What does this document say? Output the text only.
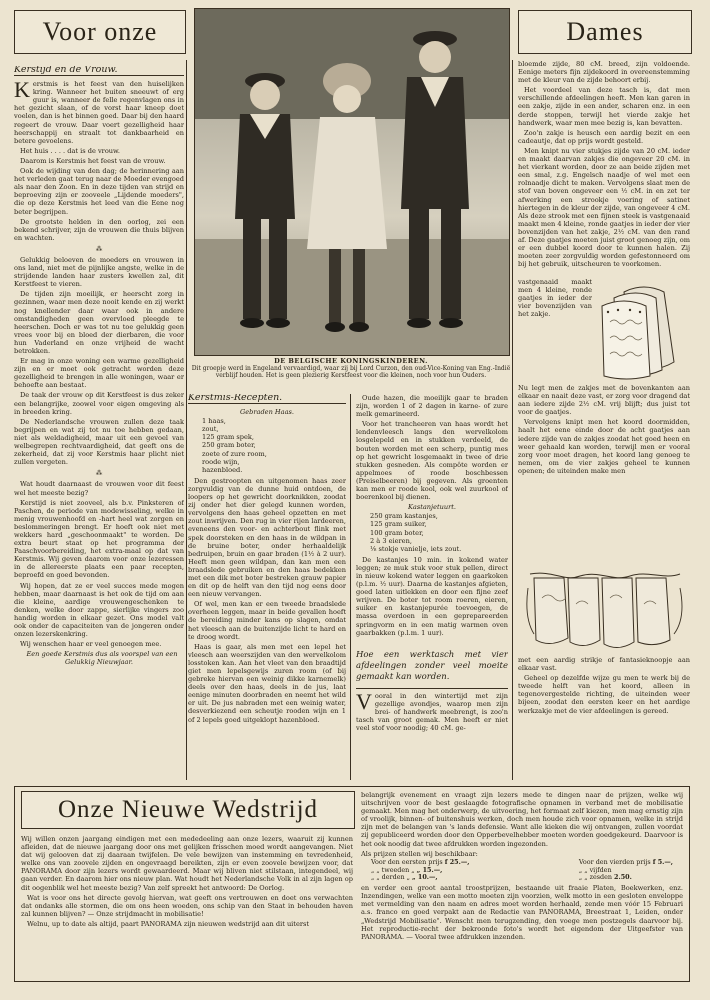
Voor onze	Dames
DE BELGISCHE KONINGSKINDEREN.
Dit groepje werd in Engeland vervaardigd, waar zij bij Lord Curzon, den oud-Vice-Koning van Eng.-Indië verblijf houden. Het is geen plezierig Kerstfeest voor die kleinen, noch voor hun Ouders.
Kerstijd en de Vrouw.

Kerstmis is het feest van den huiselijken kring. Wanneer het buiten sneeuwt of erg guur is, wanneer de felle regenvlagen ons in het gezicht slaan, of de vorst haar kneep doet voelen, dan is het binnen goed. Daar bij den haard regeert de vrouw. Daar voert gezelligheid haar heerschappij en straalt tot dankbaarheid en betere gevoelens.

Het huis . . . . dat is de vrouw.

Daarom is Kerstmis het feest van de vrouw.

Ook de wijding van den dag; de herinnering aan het verleden gaat terug naar de Moeder evengoed als naar den Zoon. En in deze tijden van strijd en beproeving zijn er zooveele „Lijdende moeders", die op deze Kerstmis het leed van die Eene nog beter begrijpen.

De grootste helden in den oorlog, zei een bekend schrijver, zijn de vrouwen die thuis blijven en wachten.

⁂

Gelukkig beloeven de moeders en vrouwen in ons land, niet met de pijnlijke angste, welke in de strijdende landen haar zusters kwellen zal, dit Kerstfeest te vieren.

De tijden zijn moeilijk, er heerscht zorg in gezinnen, waar men deze nooit kende en zij werkt nog knellender daar waar ook in andere omstandigheden geen overvloed pleegde te heerschen. Doch er was tot nu toe gelukkig geen vrees voor bij en bloed der dierbaren, die voor hun Vaderland en onze vrijheid de wacht betrokken.

Er mag in onze woning een warme gezelligheid zijn en er moet ook getracht worden deze gezelligheid te brengen in alle woningen, waar er behoefte aan bestaat.

De taak der vrouw op dit Kerstfeest is dus zeker een belangrijke, zoowel voor eigen omgeving als in breeden kring.

De Nederlandsche vrouwen zullen deze taak begrijpen en wat zij tot nu toe hebben gedaan, niet als weldadigheid, maar uit een gevoel van welbegrepen rechtvaardigheid, dat geeft ons de zekerheid, dat zij voor Kerstmis haar plicht niet zullen vergeten.

⁂

Wat houdt daarnaast de vrouwen voor dit feest wel het meeste bezig?

Kerstijd is niet zooveel, als b.v. Pinksteren of Paschen, de periode van modewisseling, welke in menig vrouwenhoofd en -hart heel wat zorgen en beslommeringen brengt. Er hoeft ook niet met wekkers hard „geschoonmaakt" te worden. De extra beurt staat op het programma der Paaschvoorbereiding, het extra-maal op dat van Kerstmis. Wij geven daarom voor onze lezeressen in de allereerste plaats een paar recepten, beproefd en goed bevonden.

Wij hopen, dat ze er veel succes mede mogen hebben, maar daarnaast is het ook de tijd om aan die kleine, aardige vrouwengeschenken te denken, welke door zappe, sierlijke vingers zoo handig worden in elkaar gezet. Ons model valt ook onder de capaciteiten van de jongeren onder onzen lezerskenkring.

Wij wenschen haar er veel genoegen mee.

Een goede Kerstmis dus als voorspel van een Gelukkig Nieuwjaar.

Kerstmis-Recepten.
Gebraden Haas.
1 haas,
zout,
125 gram spek,
250 gram boter,
zoete of zure room,
roode wijn,
hazenbloed.

Den gestroopten en uitgenomen haas zeer zorgvuldig van de dunne huid ontdoen, de loopers op het gewricht doorknikken, zoodat zij onder het dier gelegd kunnen worden, vervolgens den haas geheel opzetten en met zout inwrijven. Den rug in vier rijen lardeeren, eveneens den voor- en achterbout flink met spek doorsteken en den haas in de wildpan in de bruine boter, onder herhaaldelijk bedruipen, bruin en gaar braden (1½ à 2 uur). Heeft men geen wildpan, dan kan men een braadslede gebruiken en den haas bedekken met een dik met boter bestreken grauw papier en dit op de helft van den tijd nog eens door een nieuw vervangen.

Of wel, men kan er een tweede braadslede overheen leggen, maar in beide gevallen hoeft de bereiding minder kans op slagen, omdat het vleesch aan de buitenzijde licht te hard en te droog wordt.

Haas is gaar, als men met een lepel het vleesch aan weerszijden van den wervelkolom losstoken kan. Aan het vleet van den braadtijd giet men lepelsgewijs zuren room (of bij gebreke hiervan een weinig dikke karnemelk) deels over den haas, deels in de jus, laat eenige minuten doorbraden en neemt het wild er uit. De jus nabraden met een weinig water, desverkiezend een scheutje rooden wijn en 1 of 2 lepels goed uitgeklopt hazenbloed.

Oude hazen, die moeilijk gaar te braden zijn, worden 1 of 2 dagen in karne- of zure melk gemarineerd.

Voor het trancheeren van haas wordt het lendenvleesch langs den wervelkolom losgelepeld en in stukken verdeeld, de bouten worden met een scherp, puntig mes op het gewricht losgemaakt in twee of drie stukken gesneden. Als compôte worden er appelmoes of roode boschbessen (Preiselbeeren) bij gegeven. Als groenten kan men er roode kool, ook wel zuurkool of boerenkool bij dienen.

Kastanjetuurt.
250 gram kastanjes,
125 gram suiker,
100 gram boter,
2 à 3 eieren,
⅛ stokje vanielje, iets zout.

De kastanjes 10 min. in kokend water leggen; ze muk stuk voor stuk pellen, direct in nieuw kokend water leggen en gaarkoken (p.l.m. ½ uur). Daarna de kastanjes afgieten, goed laten uitlekken en door een fijne zeef wrijven. De boter tot room roeren, eieren, suiker en kastanjepurée toevoegen, de massa overdoen in een geprepareerden springvorm en in een matig warmen oven gaarbakken (p.l.m. 1 uur).

Hoe een werktasch met vier afdeelingen zonder veel moeite gemaakt kan worden.

Vooral in den wintertijd met zijn gezellige avondjes, waarop men zijn brei- of handwerk meebrengt, is zoo'n tasch van groot gemak. Men heeft er niet veel stof voor noodig; 40 cM. ge-

bloemde zijde, 80 cM. breed, zijn voldoende. Eenige meters fijn zijdekoord in overeenstemming met de kleur van de zijde behoort erbij.

Het voordeel van deze tasch is, dat men verschillende afdeelingen heeft. Men kan garen in een zakje, zijde in een ander, scharen enz. in een derde stoppen, terwijl het vierde zakje het handwerk, waar men mee bezig is, kan bevatten.

Zoo'n zakje is heusch een aardig bezit en een cadeautje, dat op prijs wordt gesteld.

Men knipt nu vier stukjes zijde van 20 cM. ieder en maakt daarvan zakjes die ongeveer 20 cM. in het vierkant worden, door ze aan beide zijden met een smal, z.g. Engelsch naadje of wel met een rolnaadje dicht te maken. Vervolgens slaat men de stof van boven ongeveer een ½ cM. in en zet ter afwerking een strookje voering of satinet hiertegen in de kleur der zijde, van ongeveer 4 cM. Als deze strook met een fijnen steek is vastgenaaid maakt men 4 kleine, ronde gaatjes in ieder der vier bovenzijden van het zakje, 2½ cM. van den rand af. Deze gaatjes moeten juist groot genoeg zijn, om er een dubbel koord door te kunnen halen. Zij moeten zeer zorgvuldig worden gefestonneerd om bij het gebruik, uitscheuren te voorkomen.

vastgenaaid maakt men 4 kleine, ronde gaatjes in ieder der vier bovenzijden van het zakje.

Nu legt men de zakjes met de bovenkanten aan elkaar en naait deze vast, er zorg voor dragend dat aan iedere zijde 2½ cM. vrij blijft; dus juist tot voor de gaatjes.

Vervolgens knipt men het koord doormidden, haalt het eene einde door de acht gaatjes aan iedere zijde van de zakjes zoodat het goed heen en weer gehaald kan worden, terwijl men er vooral zorg voor moet dragen, het koord lang genoeg te nemen, om de vier zakjes geheel te kunnen openen; de uiteinden make men

met een aardig strikje of fantasieknoopje aan elkaar vast.

Geheel op dezelfde wijze gu men te werk bij de tweede helft van het koord, alleen in tegenovergestelde richting, de uiteinden weer bijeen, zoodat den eersten keer en het aardige werkzakje met de vier afdeelingen is gereed.

Onze Nieuwe Wedstrijd

Wij willen onzen jaargang eindigen met een mededeeling aan onze lezers, waaruit zij kunnen afleiden, dat de nieuwe jaargang door ons met gelijken frisschen moed wordt aangevangen. Niet dat wij gelooven dat zij daaraan twijfelen. De vele bewijzen van instemming en tevredenheid, welke ons van zoovele zijden en ongevraagd bereikten, zijn er even zoovele bewijzen voor, dat PANORAMA door zijn lezers wordt gewaardeerd. Maar wij bliven niet stilstaan, integendeel, wij gaan verder. En daarom hier ons nieuw plan. Wat houdt het Nederlandsche Volk in al zijn lagen op dit oogenblik wel het meeste bezig? Van zelf spreekt het antwoord: De Oorlog.

Wat is voor ons het directe gevolg hiervan, wat geeft ons vertrouwen en doet ons verwachten dat ondanks alle stormen, die om ons heen woeden, ons schip van den Staat in behouden haven zal kunnen blijven? — Onze strijdmacht in mobilisatie!

Welnu, up to date als altijd, paart PANORAMA zijn nieuwen wedstrijd aan dit uiterst

belangrijk evenement en vraagt zijn lezers mede te dingen naar de prijzen, welke wij uitschrijven voor de best geslaagde fotografische opnamen in verband met de mobilisatie gemaakt. Men mag het onderwerp, de uitvoering, het formaat zelf kiezen, men mag ernstig zijn of vroolijk, binnen- of buitenshuis werken, doch men houde zich voor opnamen, welke in strijd zijn met de belangen van 's lands defensie. Want alle kieken die wij ontvangen, zullen voordat zij gepubliceerd worden door den Opperbevelhebber moeten worden goedgekeurd. Daarvoor is het ook noodig dat twee afdrukken worden ingezonden.

Als prijzen stellen wij beschikbaar:
Voor den eersten prijs f 25.—,
„ „ tweeden „ „ 15.—,
„ „ derden „ „ 10.—,
Voor den vierden prijs f 5.—,
„ „ vijfden
„ „ zesden 2.50.

en verder een groot aantal troostprijzen, bestaande uit fraaie Platen, Boekwerken, enz. Inzendingen, welke van een motto moeten zijn voorzien, welk motto in een gesloten enveloppe met vermelding van den naam en adres moet worden herhaald, zende men vóór 15 Februari a.s. franco en goed verpakt aan de Redactie van PANORAMA, Breestraat 1, Leiden, onder „Wedstrijd Mobilisatie". Wenscht men terugzending, den voege men postzegels daarvoor bij. Het reproductie-recht der bekroonde foto's wordt het eigendom der Uitgeefster van PANORAMA. — Vooral twee afdrukken inzenden.
